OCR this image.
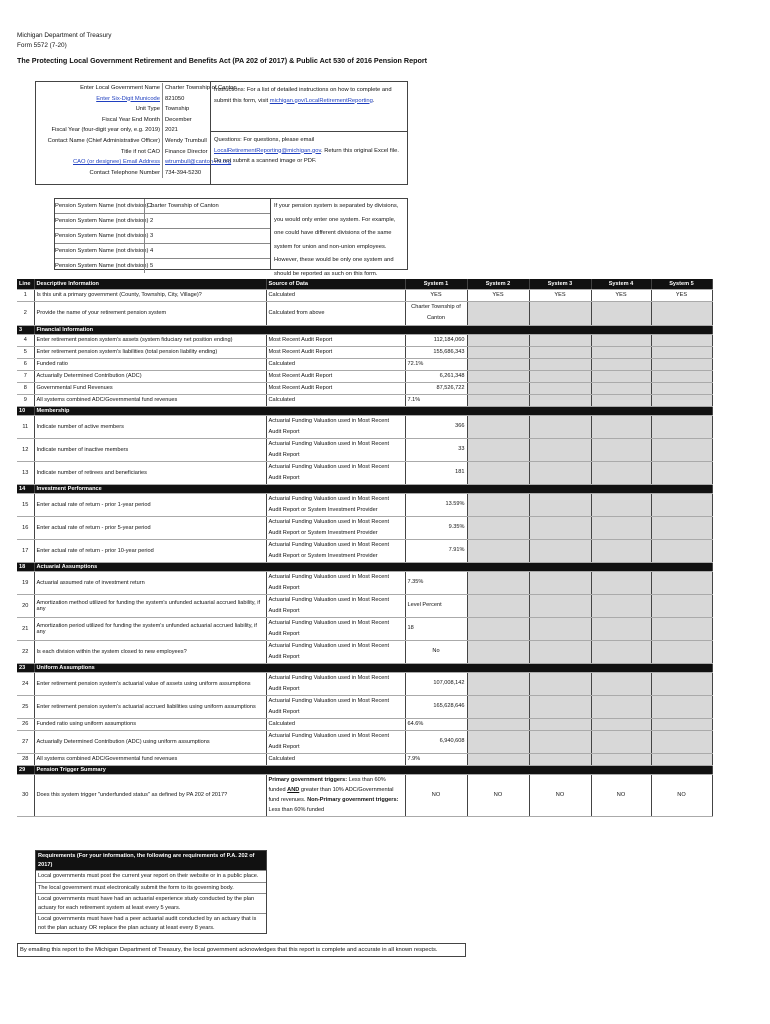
Michigan Department of Treasury
Form 5572 (7-20)
The Protecting Local Government Retirement and Benefits Act (PA 202 of 2017) & Public Act 530 of 2016 Pension Report
Enter Local Government Name Charter Township of Canton
Enter Six-Digit Municode 821050
Unit Type Township
Fiscal Year End Month December
Fiscal Year (four-digit year only, e.g. 2019) 2021
Contact Name (Chief Administrative Officer) Wendy Trumbull
Title if not CAO Finance Director
CAO (or designee) Email Address wtrumbull@canton-mi.org
Contact Telephone Number 734-394-5230
Instructions: For a list of detailed instructions on how to complete and submit this form, visit michigan.gov/LocalRetirementReporting.
Questions: For questions, please email LocalRetirementReporting@michigan.gov. Return this original Excel file. Do not submit a scanned image or PDF.
Pension System Name (not division) 1
Charter Township of Canton
Pension System Name (not division) 2
Pension System Name (not division) 3
Pension System Name (not division) 4
Pension System Name (not division) 5
If your pension system is separated by divisions, you would only enter one system. For example, one could have different divisions of the same system for union and non-union employees. However, these would be only one system and should be reported as such on this form.
Line	Descriptive Information	Source of Data	System 1	System 2	System 3	System 4	System 5
1	Is this unit a primary government (County, Township, City, Village)?	Calculated	YES	YES	YES	YES	YES
2	Provide the name of your retirement pension system	Calculated from above	Charter Township of Canton				
3	Financial Information						
4	Enter retirement pension system's assets (system fiduciary net position ending)	Most Recent Audit Report	112,184,060				
5	Enter retirement pension system's liabilities (total pension liability ending)	Most Recent Audit Report	155,686,343				
6	Funded ratio	Calculated	72.1%				
7	Actuarially Determined Contribution (ADC)	Most Recent Audit Report	6,261,348				
8	Governmental Fund Revenues	Most Recent Audit Report	87,526,722				
9	All systems combined ADC/Governmental fund revenues	Calculated	7.1%				
10	Membership						
11	Indicate number of active members	Actuarial Funding Valuation used in Most Recent Audit Report	366				
12	Indicate number of inactive members	Actuarial Funding Valuation used in Most Recent Audit Report	33				
13	Indicate number of retirees and beneficiaries	Actuarial Funding Valuation used in Most Recent Audit Report	181				
14	Investment Performance						
15	Enter actual rate of return - prior 1-year period	Actuarial Funding Valuation used in Most Recent Audit Report or System Investment Provider	13.59%				
16	Enter actual rate of return - prior 5-year period	Actuarial Funding Valuation used in Most Recent Audit Report or System Investment Provider	9.35%				
17	Enter actual rate of return - prior 10-year period	Actuarial Funding Valuation used in Most Recent Audit Report or System Investment Provider	7.91%				
18	Actuarial Assumptions						
19	Actuarial assumed rate of investment return	Actuarial Funding Valuation used in Most Recent Audit Report	7.35%				
20	Amortization method utilized for funding the system's unfunded actuarial accrued liability, if any	Actuarial Funding Valuation used in Most Recent Audit Report	Level Percent				
21	Amortization period utilized for funding the system's unfunded actuarial accrued liability, if any	Actuarial Funding Valuation used in Most Recent Audit Report	18				
22	Is each division within the system closed to new employees?	Actuarial Funding Valuation used in Most Recent Audit Report	No				
23	Uniform Assumptions						
24	Enter retirement pension system's actuarial value of assets using uniform assumptions	Actuarial Funding Valuation used in Most Recent Audit Report	107,008,142				
25	Enter retirement pension system's actuarial accrued liabilities using uniform assumptions	Actuarial Funding Valuation used in Most Recent Audit Report	165,628,646				
26	Funded ratio using uniform assumptions	Calculated	64.6%				
27	Actuarially Determined Contribution (ADC) using uniform assumptions	Actuarial Funding Valuation used in Most Recent Audit Report	6,940,608				
28	All systems combined ADC/Governmental fund revenues	Calculated	7.9%				
29	Pension Trigger Summary						
30	Does this system trigger "underfunded status" as defined by PA 202 of 2017?	Primary government triggers: Less than 60% funded AND greater than 10% ADC/Governmental fund revenues. Non-Primary government triggers: Less than 60% funded	NO	NO	NO	NO	NO
Requirements (For your information, the following are requirements of P.A. 202 of 2017)
Local governments must post the current year report on their website or in a public place.
The local government must electronically submit the form to its governing body.
Local governments must have had an actuarial experience study conducted by the plan actuary for each retirement system at least every 5 years.
Local governments must have had a peer actuarial audit conducted by an actuary that is not the plan actuary OR replace the plan actuary at least every 8 years.
By emailing this report to the Michigan Department of Treasury, the local government acknowledges that this report is complete and accurate in all known respects.
